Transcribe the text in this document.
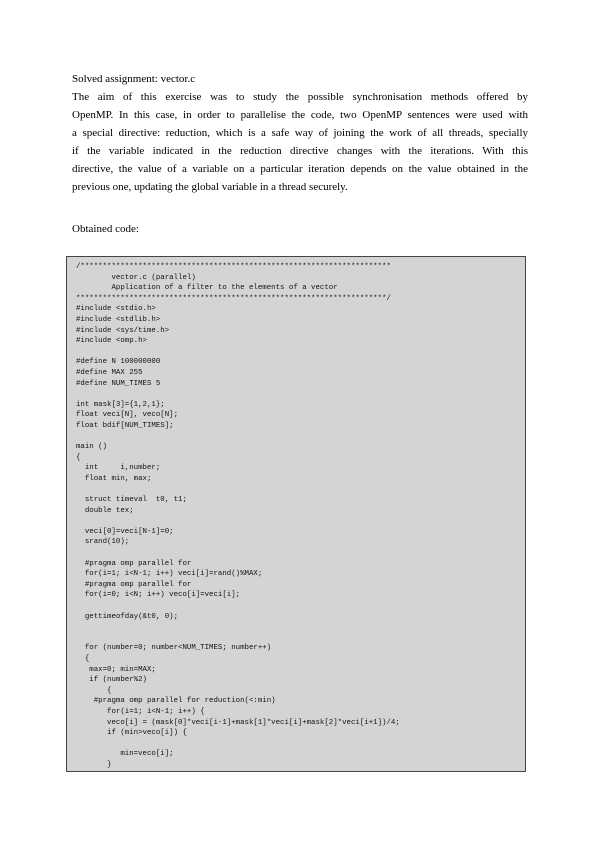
Solved assignment: vector.c
The aim of this exercise was to study the possible synchronisation methods offered by
OpenMP. In this case, in order to parallelise the code, two OpenMP sentences were used with
a special directive: reduction, which is a safe way of joining the work of all threads, specially
if the variable indicated in the reduction directive changes with the iterations. With this
directive, the value of a variable on a particular iteration depends on the value obtained in the
previous one, updating the global variable in a thread securely.
Obtained code:
/**********************************************************************
vector.c (parallel)
Application of a filter to the elements of a vector
**********************************************************************/
#include <stdio.h>
#include <stdlib.h>
#include <sys/time.h>
#include <omp.h>

#define N 100000000
#define MAX 255
#define NUM_TIMES 5

int mask[3]={1,2,1};
float veci[N], veco[N];
float bdif[NUM_TIMES];

main ()
{
int     i,number;
float min, max;

struct timeval  t0, t1;
double tex;

veci[0]=veci[N-1]=0;
srand(10);

#pragma omp parallel for
for(i=1; i<N-1; i++) veci[i]=rand()%MAX;
#pragma omp parallel for
for(i=0; i<N; i++) veco[i]=veci[i];

gettimeofday(&t0, 0);

for (number=0; number<NUM_TIMES; number++)
{
max=0; min=MAX;
if (number%2)
{
#pragma omp parallel for reduction(<:min)
for(i=1; i<N-1; i++) {
veco[i] = (mask[0]*veci[i-1]+mask[1]*veci[i]+mask[2]*veci[i+1])/4;
if (min>veco[i]) {

min=veco[i];
}
